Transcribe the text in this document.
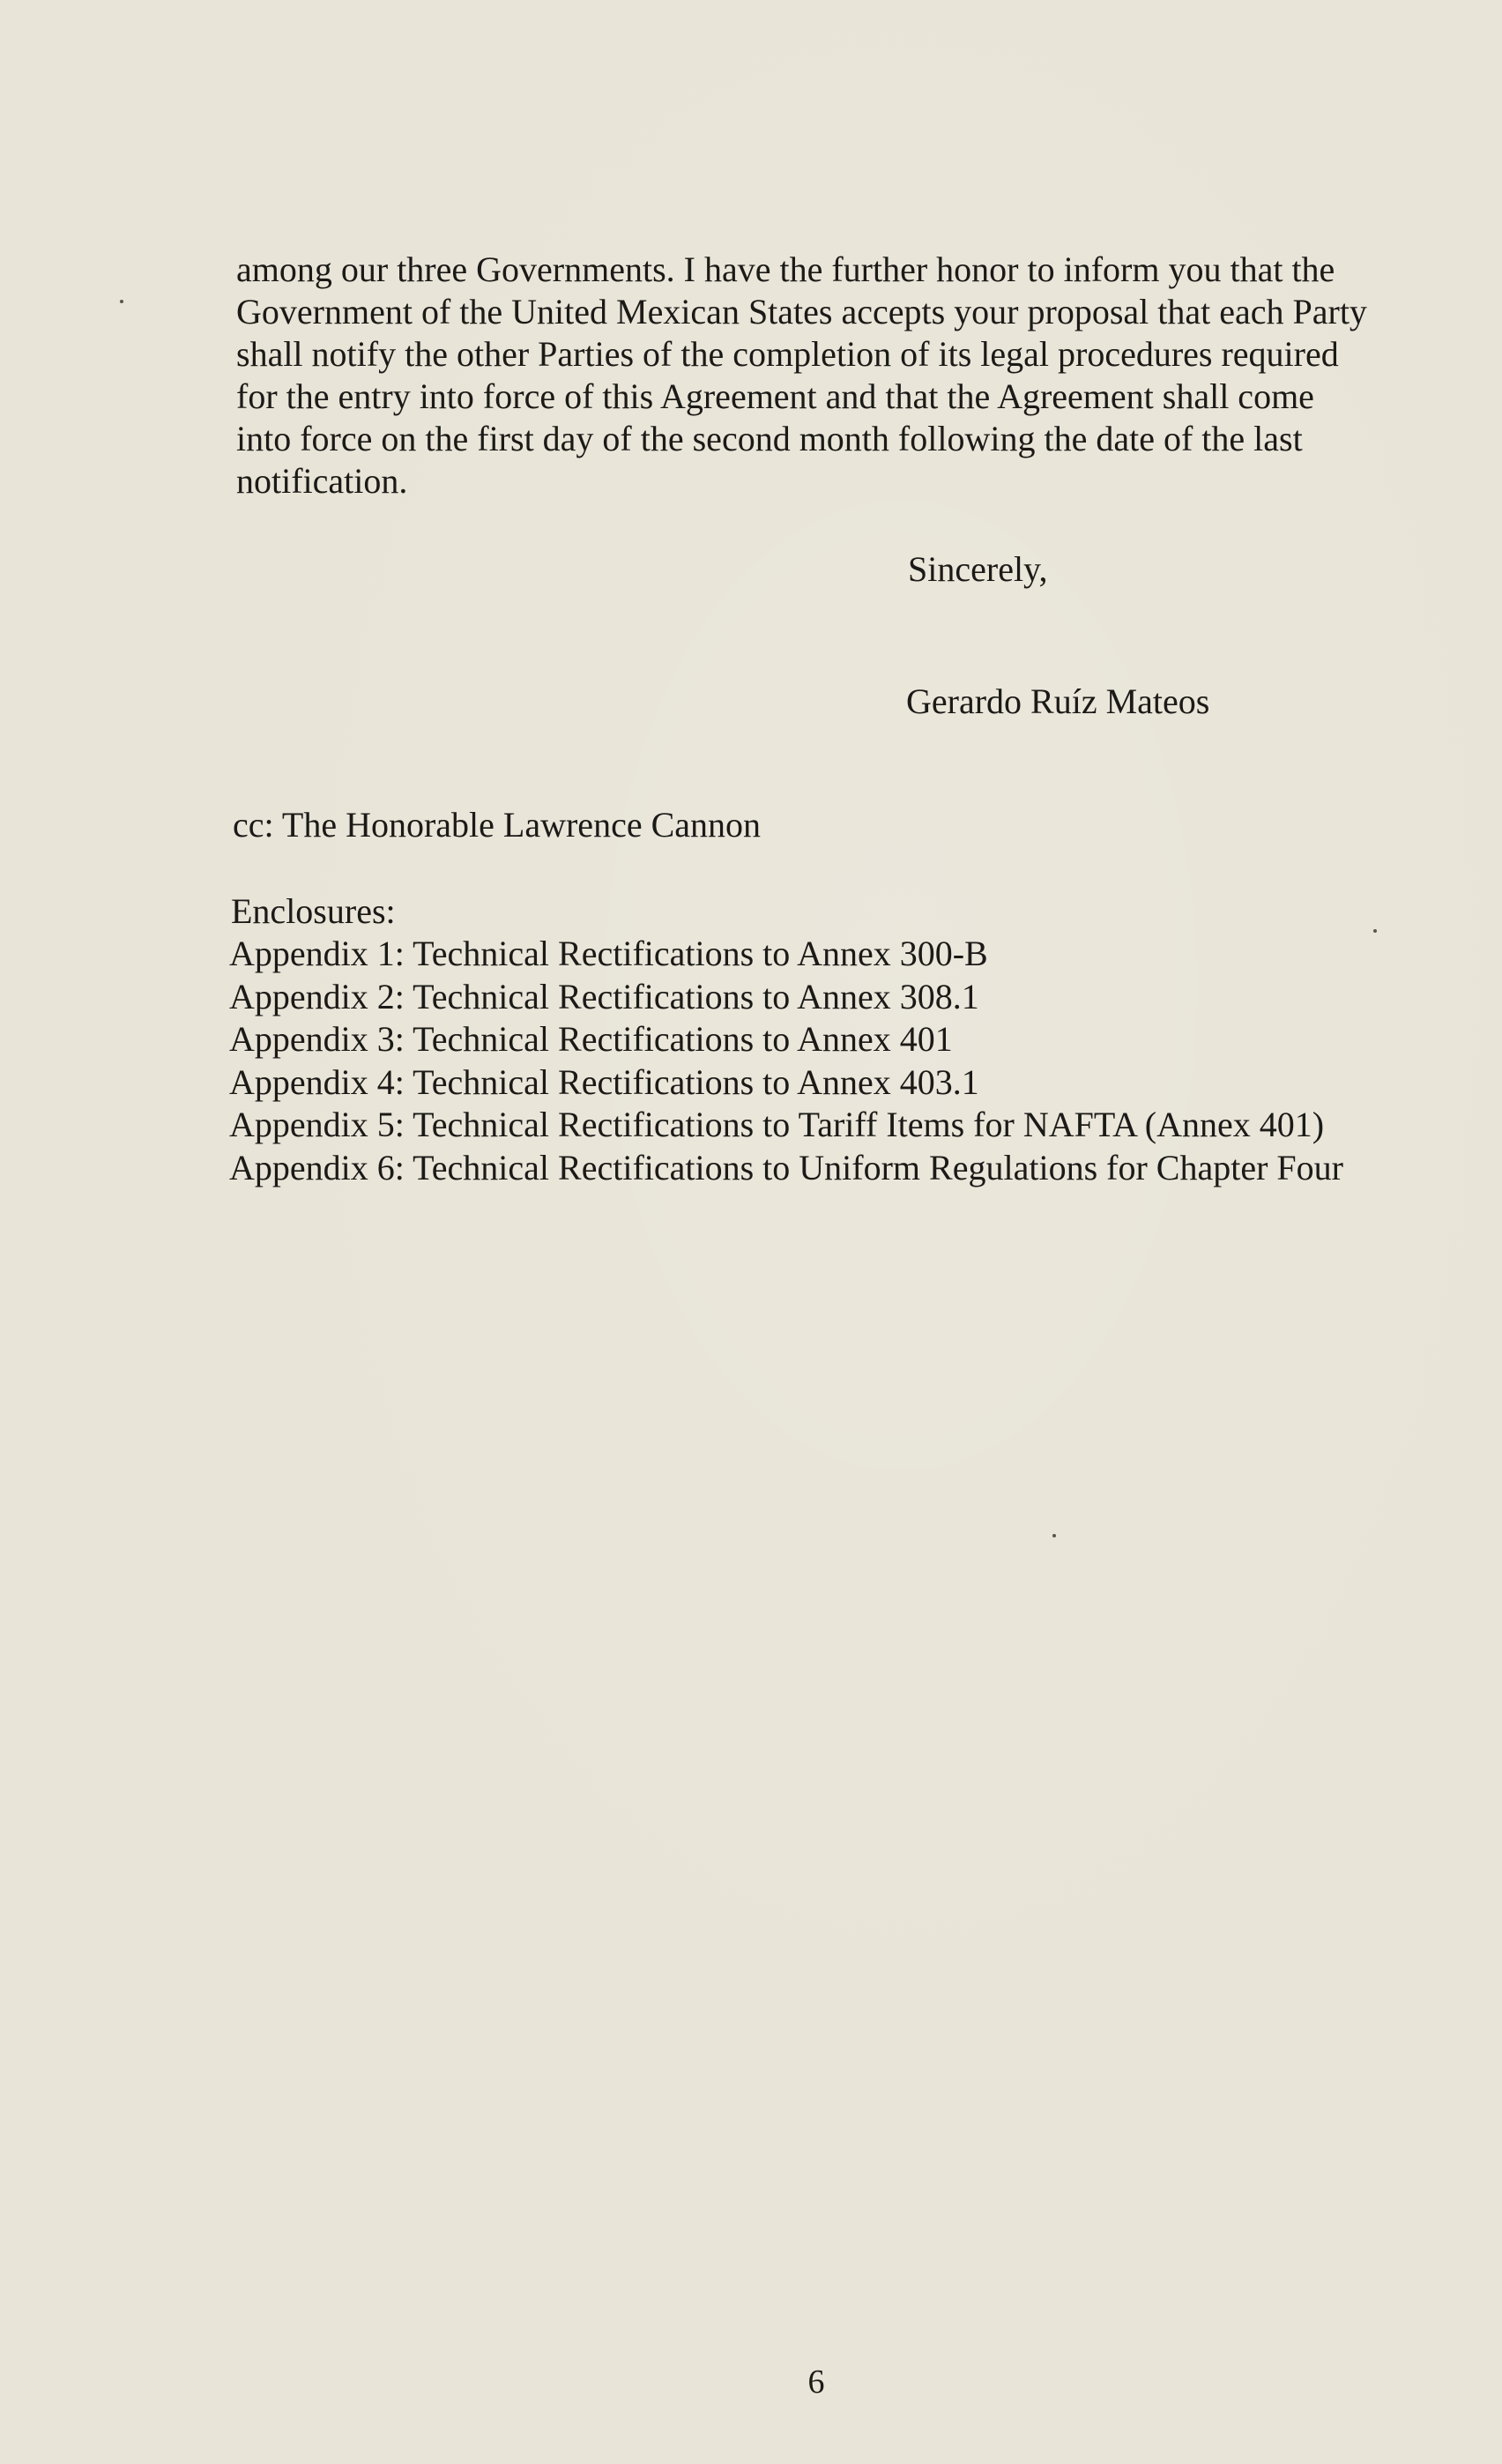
among our three Governments. I have the further honor to inform you that the
Government of the United Mexican States accepts your proposal that each Party
shall notify the other Parties of the completion of its legal procedures required
for the entry into force of this Agreement and that the Agreement shall come
into force on the first day of the second month following the date of the last
notification.
Sincerely,
Gerardo Ruíz Mateos
cc: The Honorable Lawrence Cannon
Enclosures:
Appendix 1: Technical Rectifications to Annex 300-B
Appendix 2: Technical Rectifications to Annex 308.1
Appendix 3: Technical Rectifications to Annex 401
Appendix 4: Technical Rectifications to Annex 403.1
Appendix 5: Technical Rectifications to Tariff Items for NAFTA (Annex 401)
Appendix 6: Technical Rectifications to Uniform Regulations for Chapter Four
6
